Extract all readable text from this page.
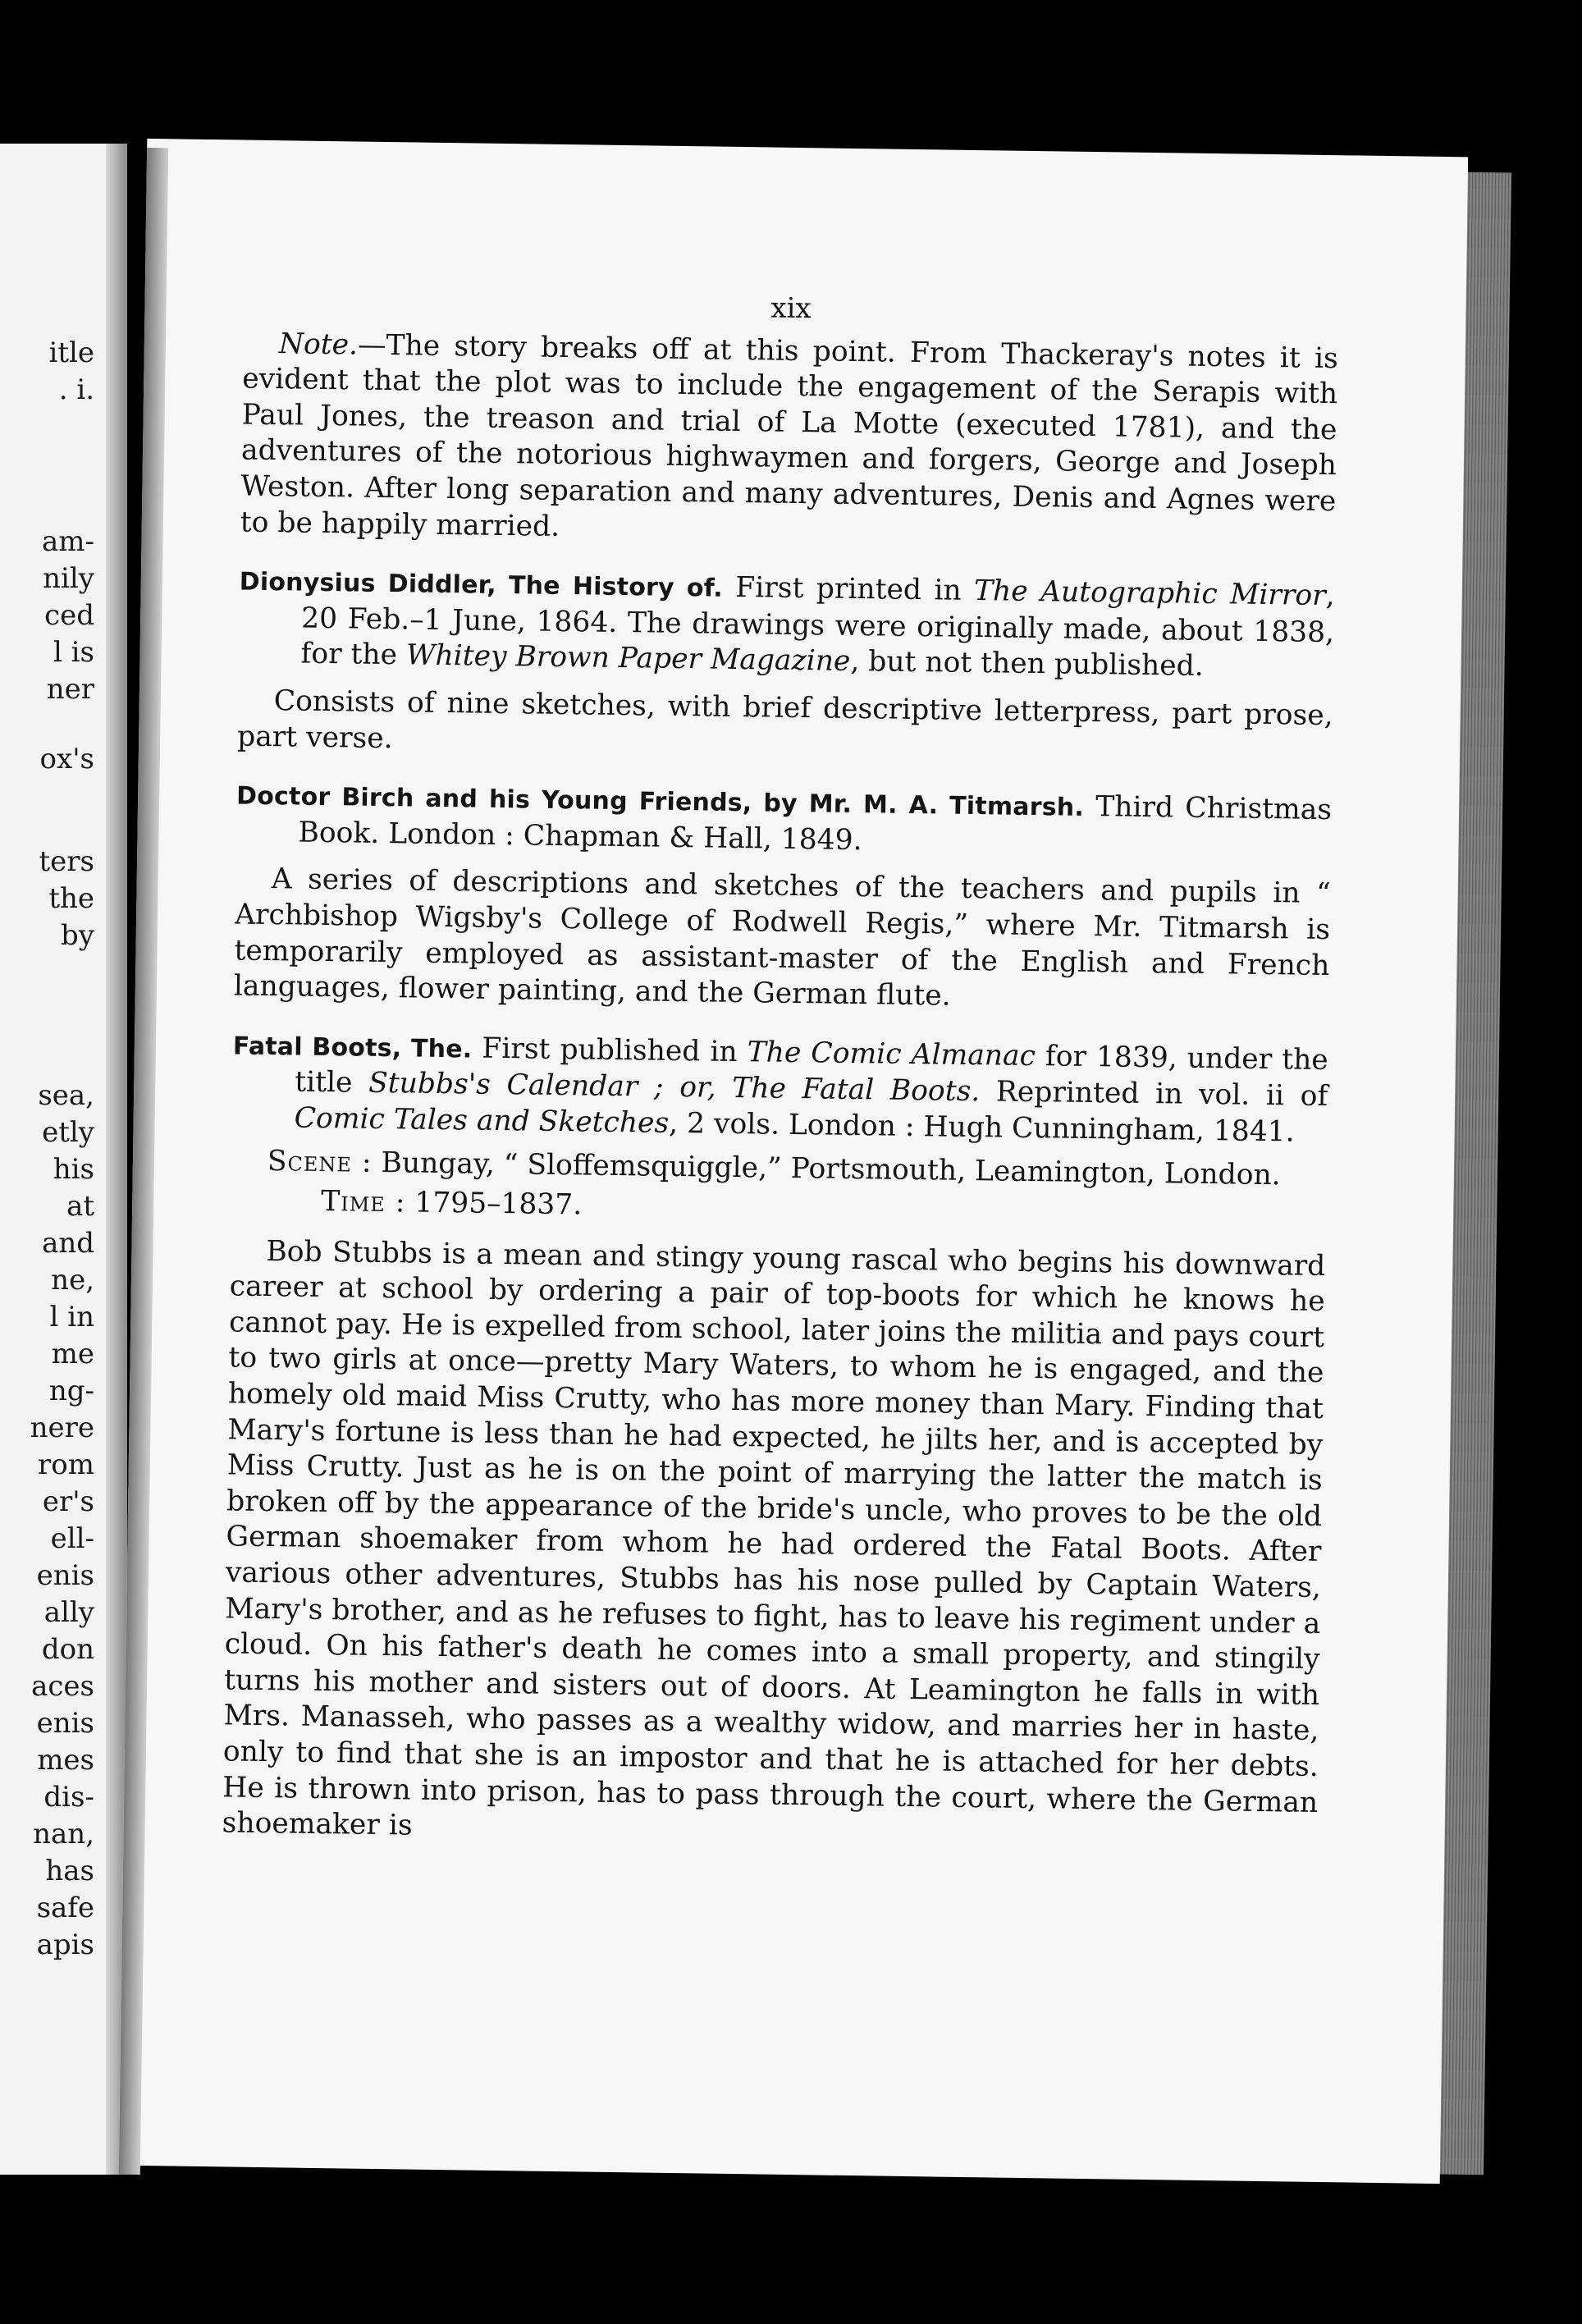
itle

. i.

am-

nily

ced

l is

ner

ox's

ters

the

by

sea,

etly

his

at

and

ne,

l in

me

ng-

nere

rom

er's

ell-

enis

ally

don

aces

enis

mes

dis-

nan,

has

safe

apis

xix

Note.—The story breaks off at this point. From Thackeray's notes it is evident that the plot was to include the engagement of the Serapis with Paul Jones, the treason and trial of La Motte (executed 1781), and the adventures of the notorious highwaymen and forgers, George and Joseph Weston. After long separation and many adventures, Denis and Agnes were to be happily married.

Dionysius Diddler, The History of. First printed in The Autographic Mirror, 20 Feb.–1 June, 1864. The drawings were originally made, about 1838, for the Whitey Brown Paper Magazine, but not then published.

Consists of nine sketches, with brief descriptive letterpress, part prose, part verse.

Doctor Birch and his Young Friends, by Mr. M. A. Titmarsh. Third Christmas Book. London : Chapman & Hall, 1849.

A series of descriptions and sketches of the teachers and pupils in “ Archbishop Wigsby's College of Rodwell Regis,” where Mr. Titmarsh is temporarily employed as assistant-master of the English and French languages, flower painting, and the German flute.

Fatal Boots, The. First published in The Comic Almanac for 1839, under the title Stubbs's Calendar ; or, The Fatal Boots. Reprinted in vol. ii of Comic Tales and Sketches, 2 vols. London : Hugh Cunningham, 1841.

Scene : Bungay, “ Sloffemsquiggle,” Portsmouth, Leamington, London.

Time : 1795–1837.

Bob Stubbs is a mean and stingy young rascal who begins his downward career at school by ordering a pair of top-boots for which he knows he cannot pay. He is expelled from school, later joins the militia and pays court to two girls at once—pretty Mary Waters, to whom he is engaged, and the homely old maid Miss Crutty, who has more money than Mary. Finding that Mary's fortune is less than he had expected, he jilts her, and is accepted by Miss Crutty. Just as he is on the point of marrying the latter the match is broken off by the appearance of the bride's uncle, who proves to be the old German shoemaker from whom he had ordered the Fatal Boots. After various other adventures, Stubbs has his nose pulled by Captain Waters, Mary's brother, and as he refuses to fight, has to leave his regiment under a cloud. On his father's death he comes into a small property, and stingily turns his mother and sisters out of doors. At Leamington he falls in with Mrs. Manasseh, who passes as a wealthy widow, and marries her in haste, only to find that she is an impostor and that he is attached for her debts. He is thrown into prison, has to pass through the court, where the German shoemaker is
